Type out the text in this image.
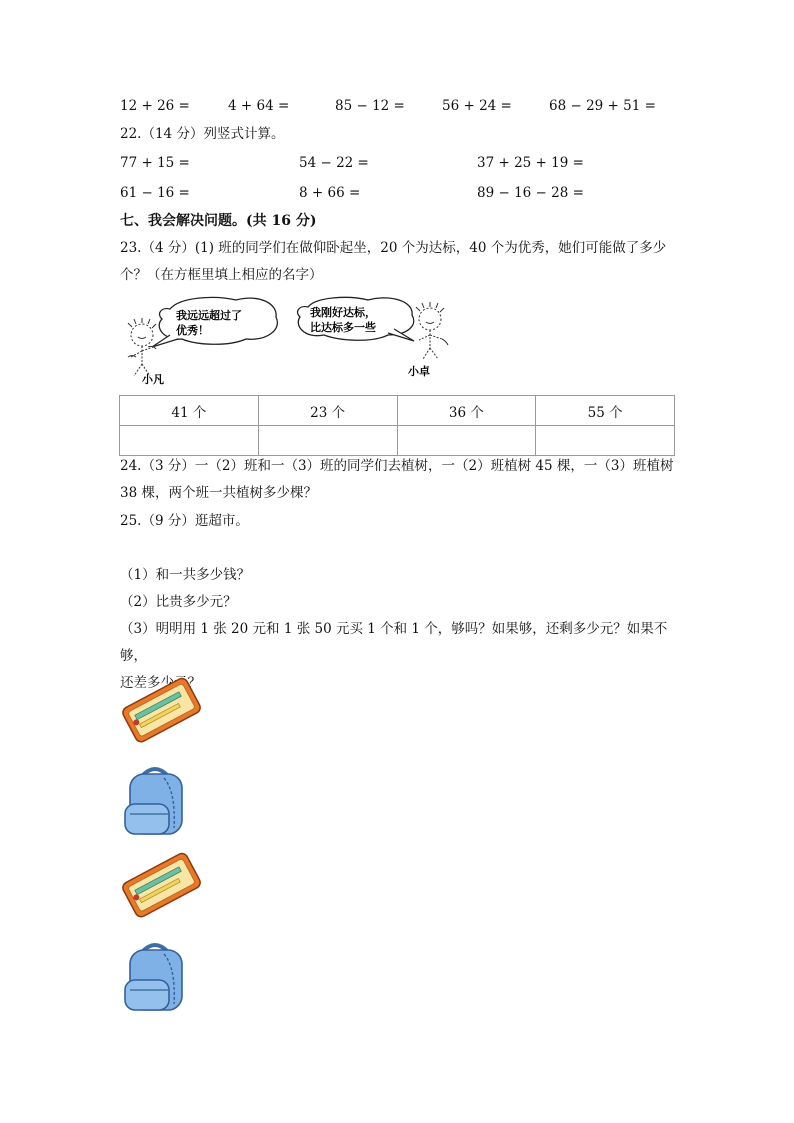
12 + 26 =	4 + 64 =	85 − 12 =	56 + 24 =	68 − 29 + 51 =
22.（14 分）列竖式计算。
77 + 15 =	54 − 22 =	37 + 25 + 19 =
61 − 16 =	8 + 66 =	89 − 16 − 28 =
七、我会解决问题。(共 16 分)
23.（4 分）(1) 班的同学们在做仰卧起坐，20 个为达标，40 个为优秀，她们可能做了多少
个？（在方框里填上相应的名字）
我远远超过了
优秀！
小凡
我刚好达标，
比达标多一些
小卓
41 个	23 个	36 个	55 个

24.（3 分）一（2）班和一（3）班的同学们去植树，一（2）班植树 45 棵，一（3）班植树
38 棵，两个班一共植树多少棵？
25.（9 分）逛超市。
（1）和一共多少钱？
（2）比贵多少元？
（3）明明用 1 张 20 元和 1 张 50 元买 1 个和 1 个，够吗？如果够，还剩多少元？如果不够，
还差多少元？
